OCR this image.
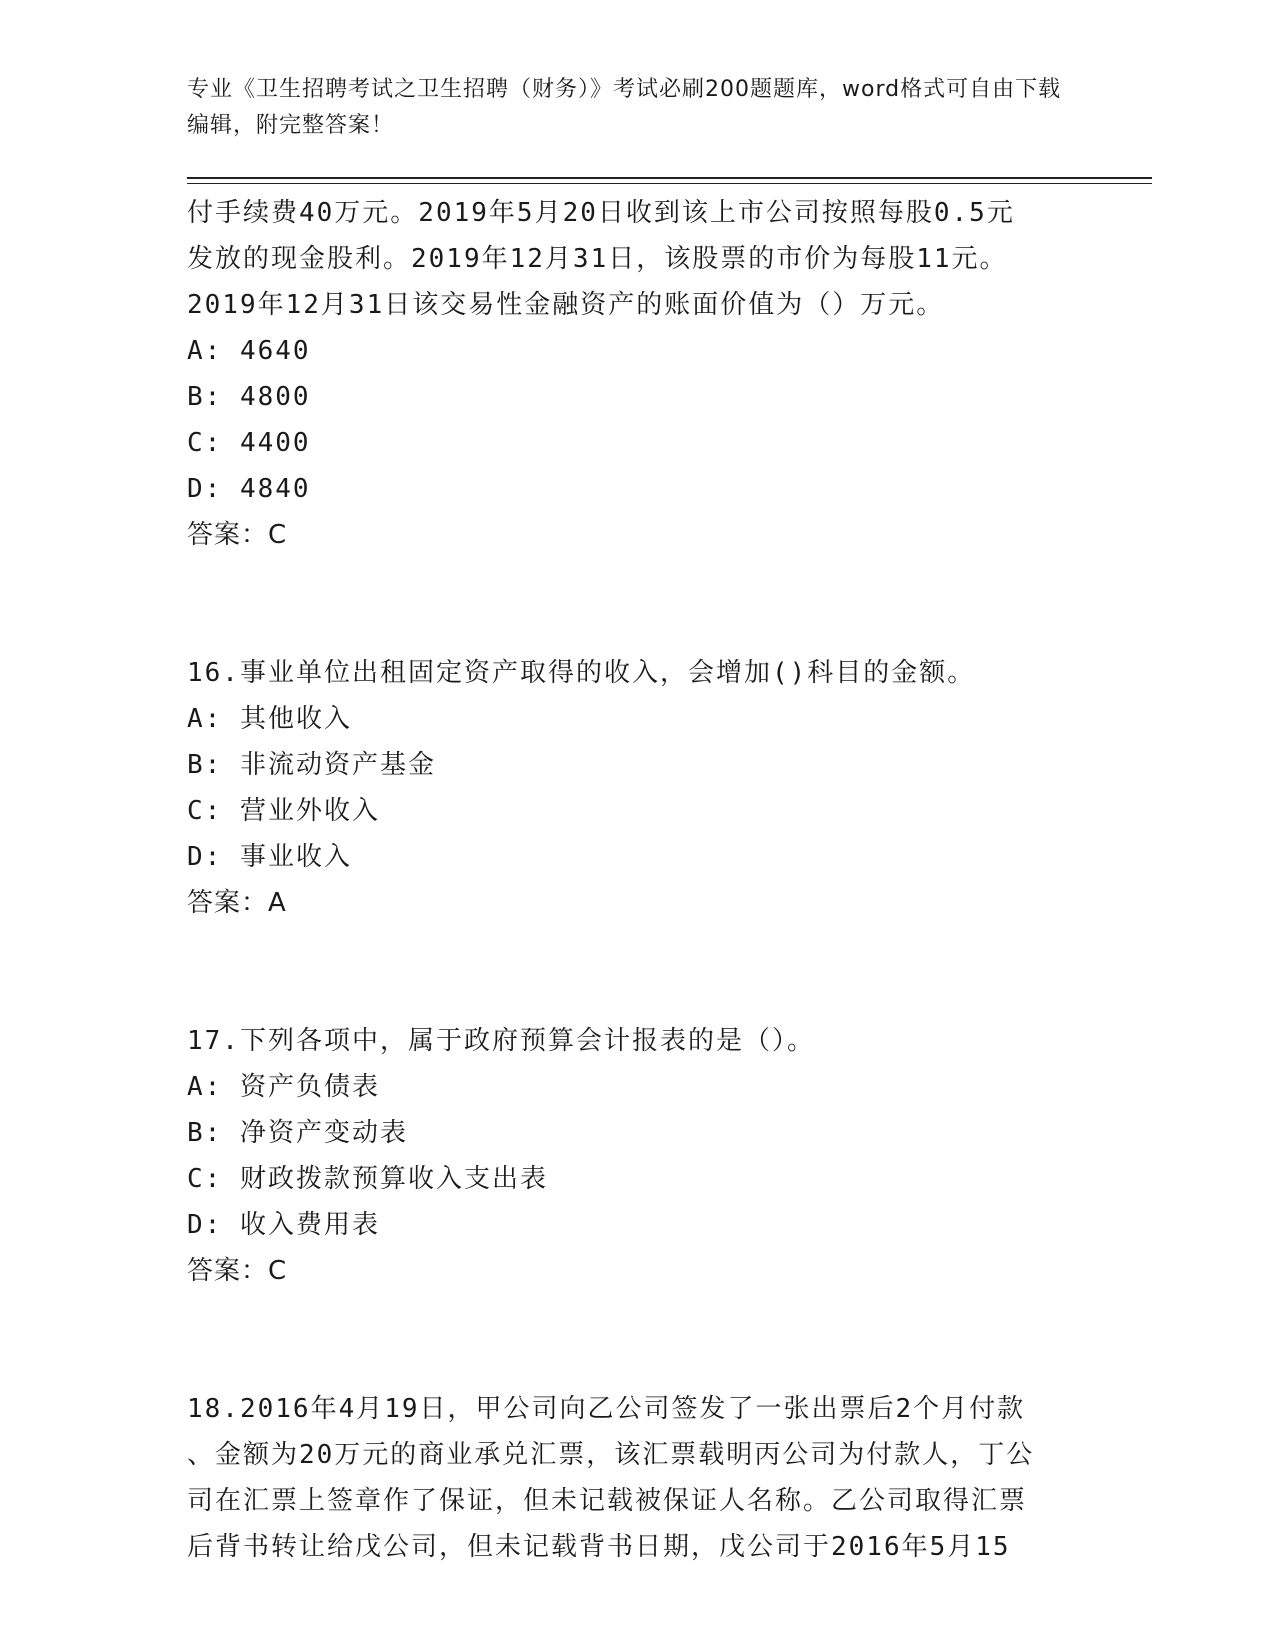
专业《卫生招聘考试之卫生招聘（财务）》考试必刷200题题库，word格式可自由下载编辑，附完整答案！
付手续费40万元。2019年5月20日收到该上市公司按照每股0.5元
发放的现金股利。2019年12月31日，该股票的市价为每股11元。
2019年12月31日该交易性金融资产的账面价值为（）万元。
A: 4640
B: 4800
C: 4400
D: 4840
答案：C
16.事业单位出租固定资产取得的收入，会增加()科目的金额。
A: 其他收入
B: 非流动资产基金
C: 营业外收入
D: 事业收入
答案：A
17.下列各项中，属于政府预算会计报表的是（）。
A: 资产负债表
B: 净资产变动表
C: 财政拨款预算收入支出表
D: 收入费用表
答案：C
18.2016年4月19日，甲公司向乙公司签发了一张出票后2个月付款
、金额为20万元的商业承兑汇票，该汇票载明丙公司为付款人，丁公
司在汇票上签章作了保证，但未记载被保证人名称。乙公司取得汇票
后背书转让给戊公司，但未记载背书日期，戊公司于2016年5月15
